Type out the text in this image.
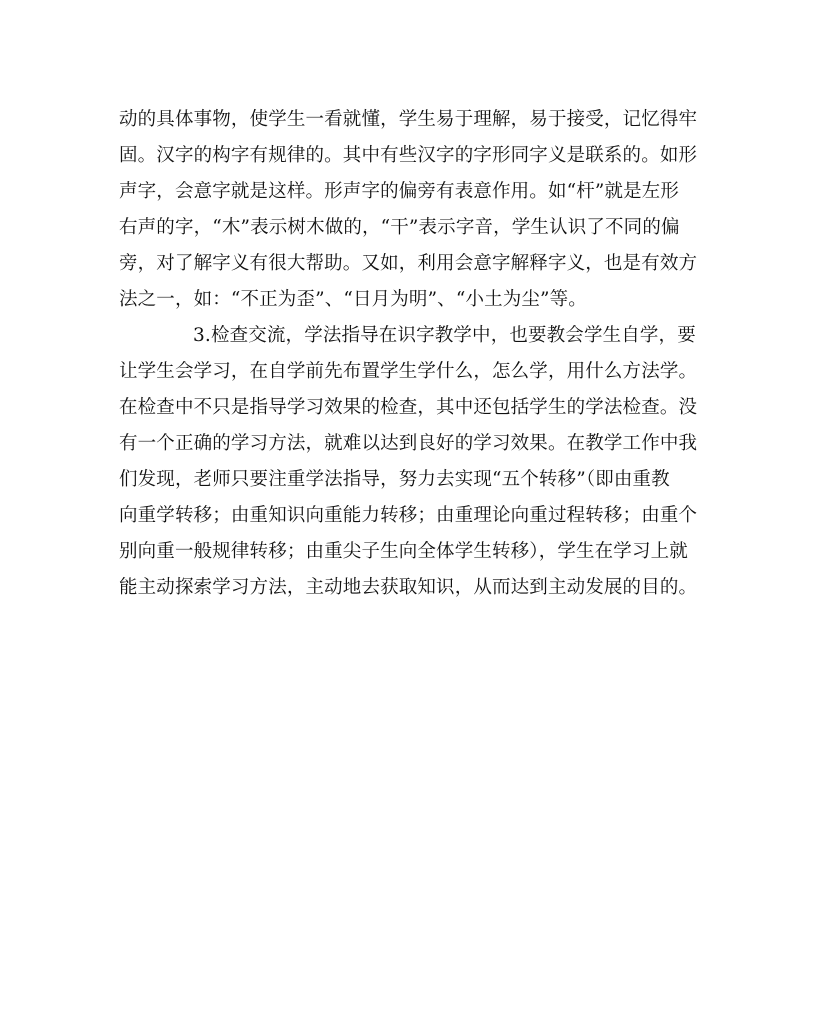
动的具体事物，使学生一看就懂，学生易于理解，易于接受，记忆得牢
固。汉字的构字有规律的。其中有些汉字的字形同字义是联系的。如形
声字，会意字就是这样。形声字的偏旁有表意作用。如“杆”就是左形
右声的字，“木”表示树木做的，“干”表示字音，学生认识了不同的偏
旁，对了解字义有很大帮助。又如，利用会意字解释字义，也是有效方
法之一，如：“不正为歪”、“日月为明”、“小土为尘”等。
3.检查交流，学法指导在识字教学中，也要教会学生自学，要
让学生会学习，在自学前先布置学生学什么，怎么学，用什么方法学。
在检查中不只是指导学习效果的检查，其中还包括学生的学法检查。没
有一个正确的学习方法，就难以达到良好的学习效果。在教学工作中我
们发现，老师只要注重学法指导，努力去实现“五个转移”（即由重教
向重学转移；由重知识向重能力转移；由重理论向重过程转移；由重个
别向重一般规律转移；由重尖子生向全体学生转移），学生在学习上就
能主动探索学习方法，主动地去获取知识，从而达到主动发展的目的。
